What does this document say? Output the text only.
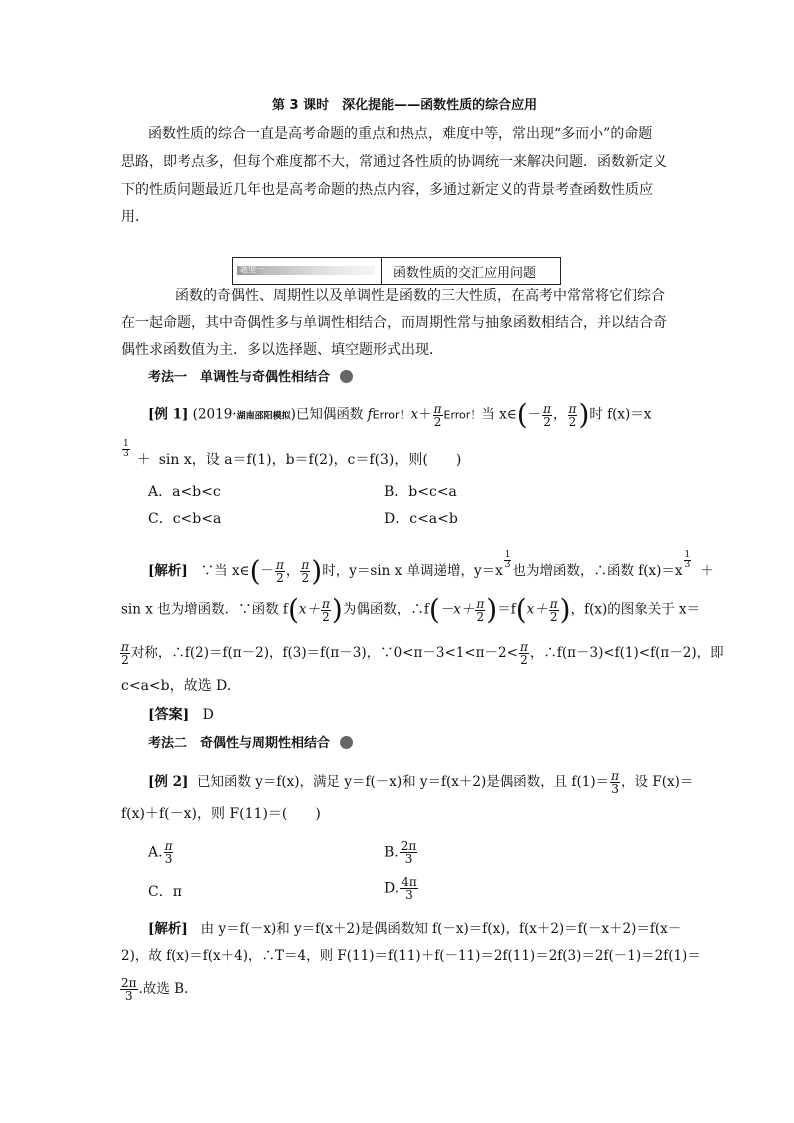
第 3 课时　深化提能——函数性质的综合应用
函数性质的综合一直是高考命题的重点和热点，难度中等，常出现“多而小”的命题
思路，即考点多，但每个难度都不大，常通过各性质的协调统一来解决问题．函数新定义
下的性质问题最近几年也是高考命题的热点内容，多通过新定义的背景考查函数性质应
用．
题型一	函数性质的交汇应用问题
函数的奇偶性、周期性以及单调性是函数的三大性质，在高考中常常将它们综合
在一起命题，其中奇偶性多与单调性相结合，而周期性常与抽象函数相结合，并以结合奇
偶性求函数值为主．多以选择题、填空题形式出现．
考法一　单调性与奇偶性相结合
[例 1] (2019·湖南邵阳模拟)已知偶函数 fError！$x+ \frac{\pi}{2}$ Error！当 x∈(－ $\frac{\pi}{2}$ ， $\frac{\pi}{2}$ )时 f(x)＝x
$\frac{1}{3}$
＋ sin x，设 a＝f(1)，b＝f(2)，c＝f(3)，则(　　)
A．a<b<c	B．b<c<a
C．c<b<a	D．c<a<b
[解析] ∵当 x∈(－ $\frac{\pi}{2}$ ， $\frac{\pi}{2}$ )时，y＝sin x 单调递增，y＝x
$\frac{1}{3}$
也为增函数，∴函数 f(x)＝x
$\frac{1}{3}$
＋
sin x 也为增函数．∵函数 $f(x+ \frac{\pi}{2}$ )为偶函数，∴f(－x＋ $\frac{\pi}{2} )=f(x+ \frac{\pi}{2}$ )，f(x)的图象关于 x＝
$\frac{\pi}{2}$ 对称，∴f(2)＝f(π－2)，f(3)＝f(π－3)，∵0<π－3<1<π－2< $\frac{\pi}{2}$ ，∴f(π－3)<f(1)<f(π－2)，即
c<a<b，故选 D.
[答案] D
考法二　奇偶性与周期性相结合
[例 2] 已知函数 y＝f(x)，满足 y＝f(－x)和 y＝f(x＋2)是偶函数，且 $f(1)= \frac{\pi}{3}$ ，设 F(x)＝
f(x)＋f(－x)，则 F(11)＝(　　)
A. $\frac{\pi}{3}$	B. $\frac{2\pi}{3}$
C．π	D. $\frac{4\pi}{3}$
[解析] 由 y＝f(－x)和 y＝f(x＋2)是偶函数知 f(－x)＝f(x)，f(x＋2)＝f(－x＋2)＝f(x－
2)，故 f(x)＝f(x＋4)，∴T＝4，则 F(11)＝f(11)＋f(－11)＝2f(11)＝2f(3)＝2f(－1)＝2f(1)＝
$\frac{2\pi}{3}$ .故选 B.
